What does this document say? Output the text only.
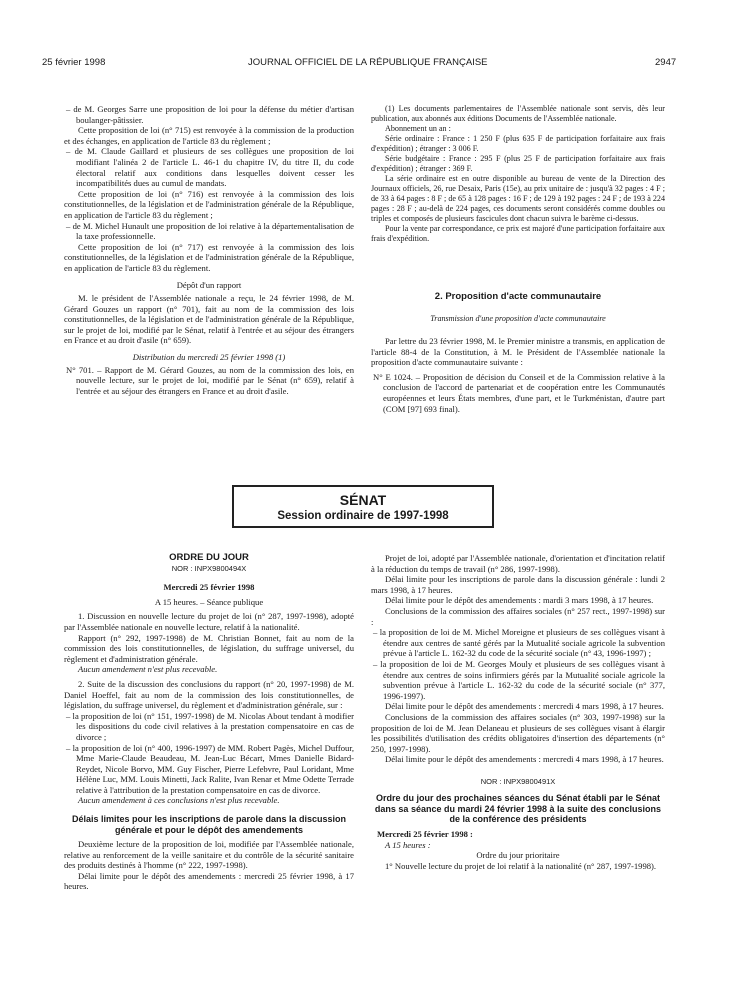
25 février 1998	JOURNAL OFFICIEL DE LA RÉPUBLIQUE FRANÇAISE	2947

– de M. Georges Sarre une proposition de loi pour la défense du métier d'artisan boulanger-pâtissier.

Cette proposition de loi (n° 715) est renvoyée à la commission de la production et des échanges, en application de l'article 83 du règlement ;

– de M. Claude Gaillard et plusieurs de ses collègues une proposition de loi modifiant l'alinéa 2 de l'article L. 46-1 du chapitre IV, du titre II, du code électoral relatif aux conditions dans lesquelles doivent cesser les incompatibilités dues au cumul de mandats.

Cette proposition de loi (n° 716) est renvoyée à la commission des lois constitutionnelles, de la législation et de l'administration générale de la République, en application de l'article 83 du règlement ;

– de M. Michel Hunault une proposition de loi relative à la départementalisation de la taxe professionnelle.

Cette proposition de loi (n° 717) est renvoyée à la commission des lois constitutionnelles, de la législation et de l'administration générale de la République, en application de l'article 83 du règlement.

Dépôt d'un rapport

M. le président de l'Assemblée nationale a reçu, le 24 février 1998, de M. Gérard Gouzes un rapport (n° 701), fait au nom de la commission des lois constitutionnelles, de la législation et de l'administration générale de la République, sur le projet de loi, modifié par le Sénat, relatif à l'entrée et au séjour des étrangers en France et au droit d'asile (n° 659).

Distribution du mercredi 25 février 1998 (1)

N° 701. – Rapport de M. Gérard Gouzes, au nom de la commission des lois, en nouvelle lecture, sur le projet de loi, modifié par le Sénat (n° 659), relatif à l'entrée et au séjour des étrangers en France et au droit d'asile.

(1) Les documents parlementaires de l'Assemblée nationale sont servis, dès leur publication, aux abonnés aux éditions Documents de l'Assemblée nationale.

Abonnement un an :

Série ordinaire : France : 1 250 F (plus 635 F de participation forfaitaire aux frais d'expédition) ; étranger : 3 006 F.

Série budgétaire : France : 295 F (plus 25 F de participation forfaitaire aux frais d'expédition) ; étranger : 369 F.

La série ordinaire est en outre disponible au bureau de vente de la Direction des Journaux officiels, 26, rue Desaix, Paris (15e), au prix unitaire de : jusqu'à 32 pages : 4 F ; de 33 à 64 pages : 8 F ; de 65 à 128 pages : 16 F ; de 129 à 192 pages : 24 F ; de 193 à 224 pages : 28 F ; au-delà de 224 pages, ces documents seront considérés comme doubles ou triples et composés de plusieurs fascicules dont chacun suivra le barème ci-dessus.

Pour la vente par correspondance, ce prix est majoré d'une participation forfaitaire aux frais d'expédition.

2. Proposition d'acte communautaire

Transmission d'une proposition d'acte communautaire

Par lettre du 23 février 1998, M. le Premier ministre a transmis, en application de l'article 88-4 de la Constitution, à M. le Président de l'Assemblée nationale la proposition d'acte communautaire suivante :

N° E 1024. – Proposition de décision du Conseil et de la Commission relative à la conclusion de l'accord de partenariat et de coopération entre les Communautés européennes et leurs États membres, d'une part, et le Turkménistan, d'autre part (COM [97] 693 final).

SÉNAT
Session ordinaire de 1997-1998

ORDRE DU JOUR

NOR : INPX9800494X

Mercredi 25 février 1998

A 15 heures. – Séance publique

1. Discussion en nouvelle lecture du projet de loi (n° 287, 1997-1998), adopté par l'Assemblée nationale en nouvelle lecture, relatif à la nationalité.

Rapport (n° 292, 1997-1998) de M. Christian Bonnet, fait au nom de la commission des lois constitutionnelles, de législation, du suffrage universel, du règlement et d'administration générale.

Aucun amendement n'est plus recevable.

2. Suite de la discussion des conclusions du rapport (n° 20, 1997-1998) de M. Daniel Hoeffel, fait au nom de la commission des lois constitutionnelles, de législation, du suffrage universel, du règlement et d'administration générale, sur :

– la proposition de loi (n° 151, 1997-1998) de M. Nicolas About tendant à modifier les dispositions du code civil relatives à la prestation compensatoire en cas de divorce ;

– la proposition de loi (n° 400, 1996-1997) de MM. Robert Pagès, Michel Duffour, Mme Marie-Claude Beaudeau, M. Jean-Luc Bécart, Mmes Danielle Bidard-Reydet, Nicole Borvo, MM. Guy Fischer, Pierre Lefebvre, Paul Loridant, Mme Hélène Luc, MM. Louis Minetti, Jack Ralite, Ivan Renar et Mme Odette Terrade relative à l'attribution de la prestation compensatoire en cas de divorce.

Aucun amendement à ces conclusions n'est plus recevable.

Délais limites pour les inscriptions de parole dans la discussion générale et pour le dépôt des amendements

Deuxième lecture de la proposition de loi, modifiée par l'Assemblée nationale, relative au renforcement de la veille sanitaire et du contrôle de la sécurité sanitaire des produits destinés à l'homme (n° 222, 1997-1998).

Délai limite pour le dépôt des amendements : mercredi 25 février 1998, à 17 heures.

Projet de loi, adopté par l'Assemblée nationale, d'orientation et d'incitation relatif à la réduction du temps de travail (n° 286, 1997-1998).

Délai limite pour les inscriptions de parole dans la discussion générale : lundi 2 mars 1998, à 17 heures.

Délai limite pour le dépôt des amendements : mardi 3 mars 1998, à 17 heures.

Conclusions de la commission des affaires sociales (n° 257 rect., 1997-1998) sur :

– la proposition de loi de M. Michel Moreigne et plusieurs de ses collègues visant à étendre aux centres de santé gérés par la Mutualité sociale agricole la subvention prévue à l'article L. 162-32 du code de la sécurité sociale (n° 43, 1996-1997) ;

– la proposition de loi de M. Georges Mouly et plusieurs de ses collègues visant à étendre aux centres de soins infirmiers gérés par la Mutualité sociale agricole la subvention prévue à l'article L. 162-32 du code de la sécurité sociale (n° 377, 1996-1997).

Délai limite pour le dépôt des amendements : mercredi 4 mars 1998, à 17 heures.

Conclusions de la commission des affaires sociales (n° 303, 1997-1998) sur la proposition de loi de M. Jean Delaneau et plusieurs de ses collègues visant à élargir les possibilités d'utilisation des crédits obligatoires d'insertion des départements (n° 250, 1997-1998).

Délai limite pour le dépôt des amendements : mercredi 4 mars 1998, à 17 heures.

NOR : INPX9800491X

Ordre du jour des prochaines séances du Sénat établi par le Sénat dans sa séance du mardi 24 février 1998 à la suite des conclusions de la conférence des présidents

Mercredi 25 février 1998 :

A 15 heures :

Ordre du jour prioritaire

1° Nouvelle lecture du projet de loi relatif à la nationalité (n° 287, 1997-1998).
